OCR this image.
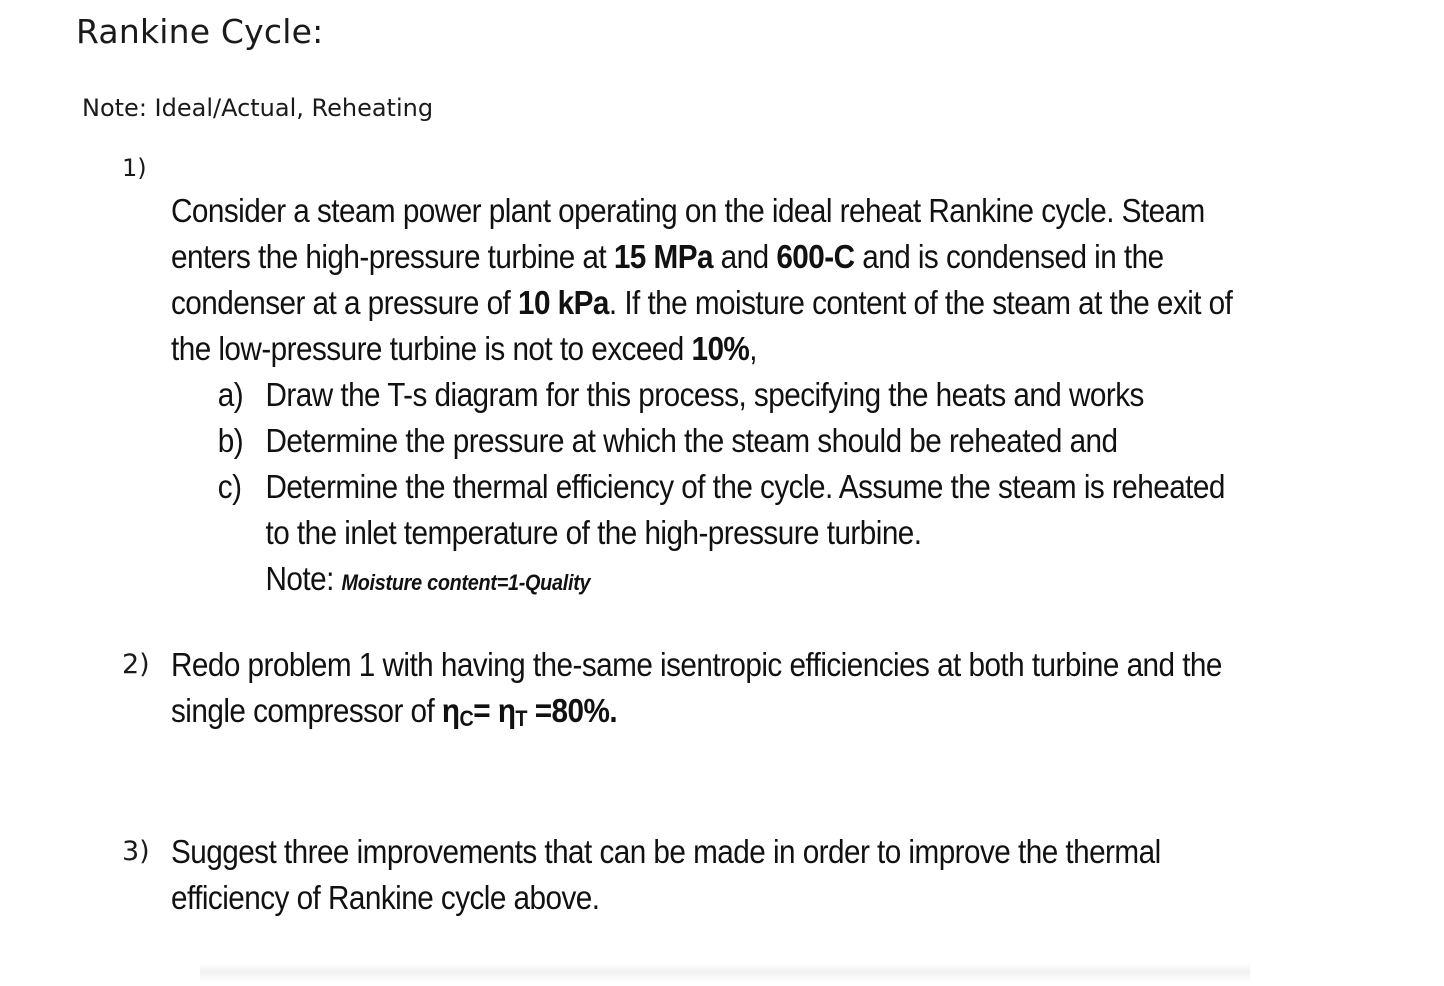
Rankine Cycle:
Note: Ideal/Actual, Reheating
1)
Consider a steam power plant operating on the ideal reheat Rankine cycle. Steam
enters the high-pressure turbine at 15 MPa and 600-C and is condensed in the
condenser at a pressure of 10 kPa. If the moisture content of the steam at the exit of
the low-pressure turbine is not to exceed 10%,
a) Draw the T-s diagram for this process, specifying the heats and works
b) Determine the pressure at which the steam should be reheated and
c) Determine the thermal efficiency of the cycle. Assume the steam is reheated
to the inlet temperature of the high-pressure turbine.
Note: Moisture content=1-Quality
2) Redo problem 1 with having the-same isentropic efficiencies at both turbine and the
single compressor of ηC= ηT =80%.
3) Suggest three improvements that can be made in order to improve the thermal
efficiency of Rankine cycle above.
